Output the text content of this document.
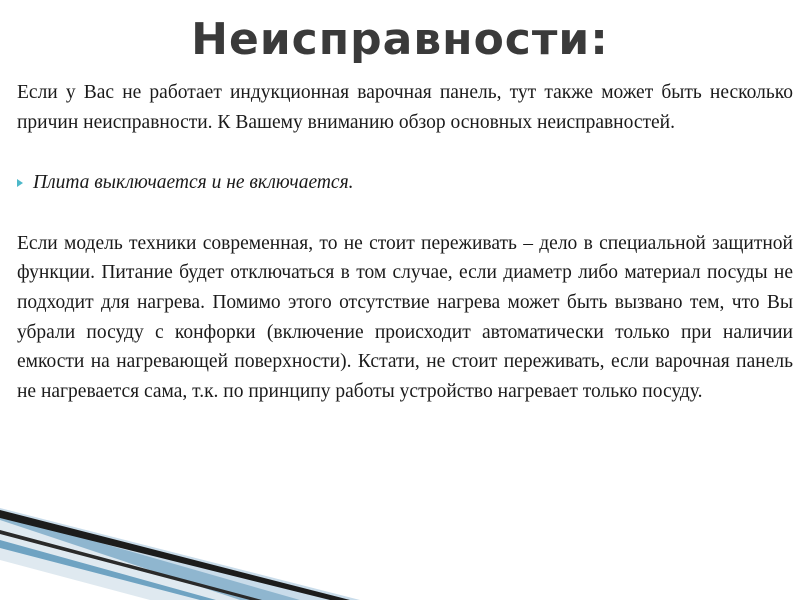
Неисправности:

Если у Вас не работает индукционная варочная панель, тут также может быть несколько причин неисправности. К Вашему вниманию обзор основных неисправностей.

Плита выключается и не включается.

Если модель техники современная, то не стоит переживать – дело в специальной защитной функции. Питание будет отключаться в том случае, если диаметр либо материал посуды не подходит для нагрева. Помимо этого отсутствие нагрева может быть вызвано тем, что Вы убрали посуду с конфорки (включение происходит автоматически только при наличии емкости на нагревающей поверхности). Кстати, не стоит переживать, если варочная панель не нагревается сама, т.к. по принципу работы устройство нагревает только посуду.
